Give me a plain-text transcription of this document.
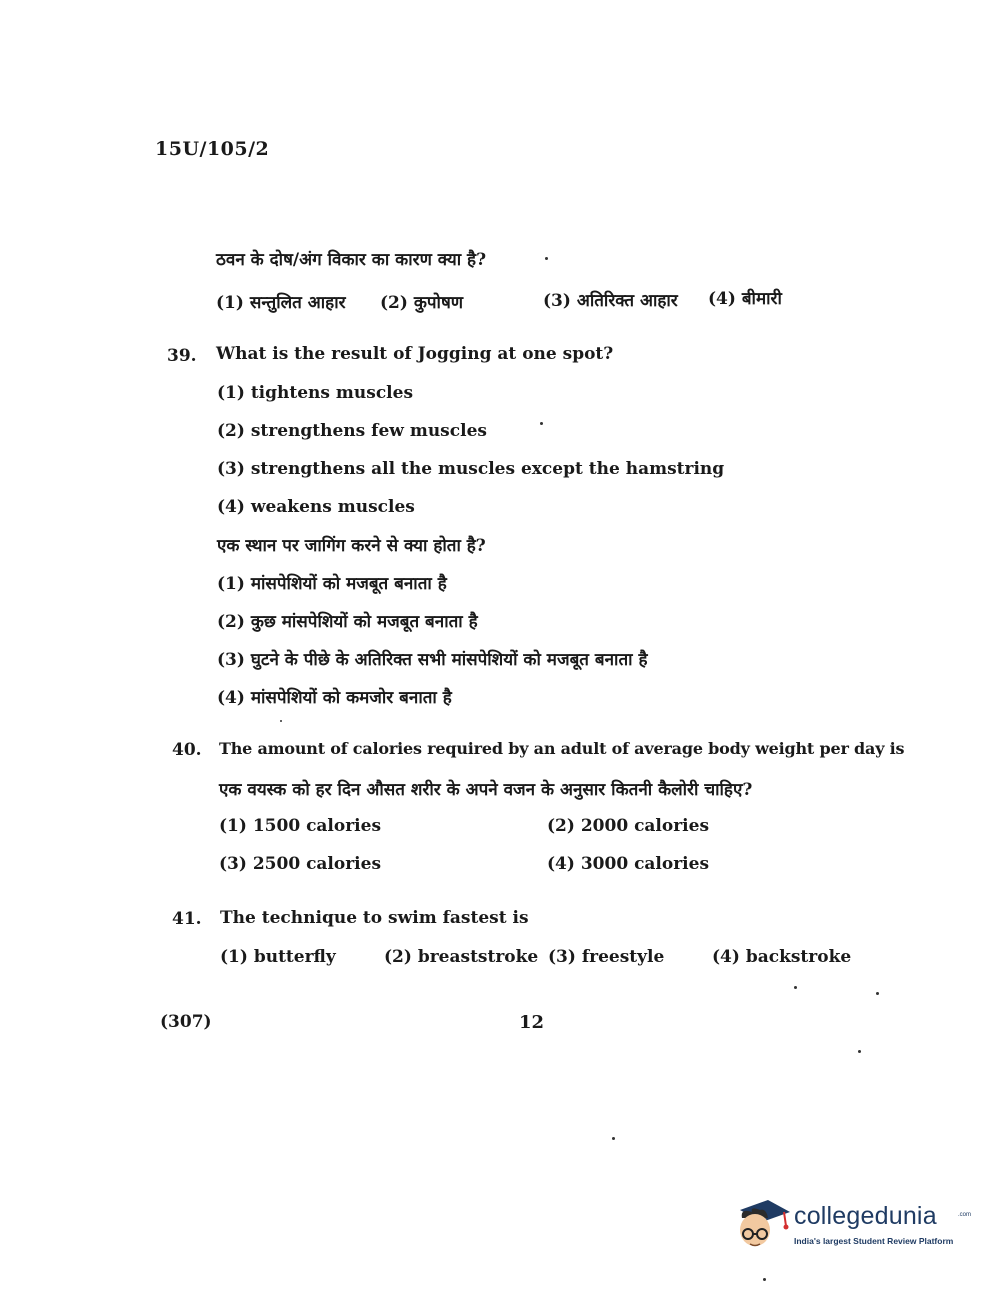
15U/105/2
ठवन के दोष/अंग विकार का कारण क्या है?
(1) सन्तुलित आहार (2) कुपोषण	(3) अतिरिक्त आहार (4) बीमारी
39. What is the result of Jogging at one spot?
(1) tightens muscles
(2) strengthens few muscles
(3) strengthens all the muscles except the hamstring
(4) weakens muscles
एक स्थान पर जागिंग करने से क्या होता है?
(1) मांसपेशियों को मजबूत बनाता है
(2) कुछ मांसपेशियों को मजबूत बनाता है
(3) घुटने के पीछे के अतिरिक्त सभी मांसपेशियों को मजबूत बनाता है
(4) मांसपेशियों को कमजोर बनाता है
40. The amount of calories required by an adult of average body weight per day is
एक वयस्क को हर दिन औसत शरीर के अपने वजन के अनुसार कितनी कैलोरी चाहिए?
(1) 1500 calories	(2) 2000 calories
(3) 2500 calories	(4) 3000 calories
41. The technique to swim fastest is
(1) butterfly	(2) breaststroke (3) freestyle	(4) backstroke
(307)	12
collegedunia	.com
India's largest Student Review Platform
